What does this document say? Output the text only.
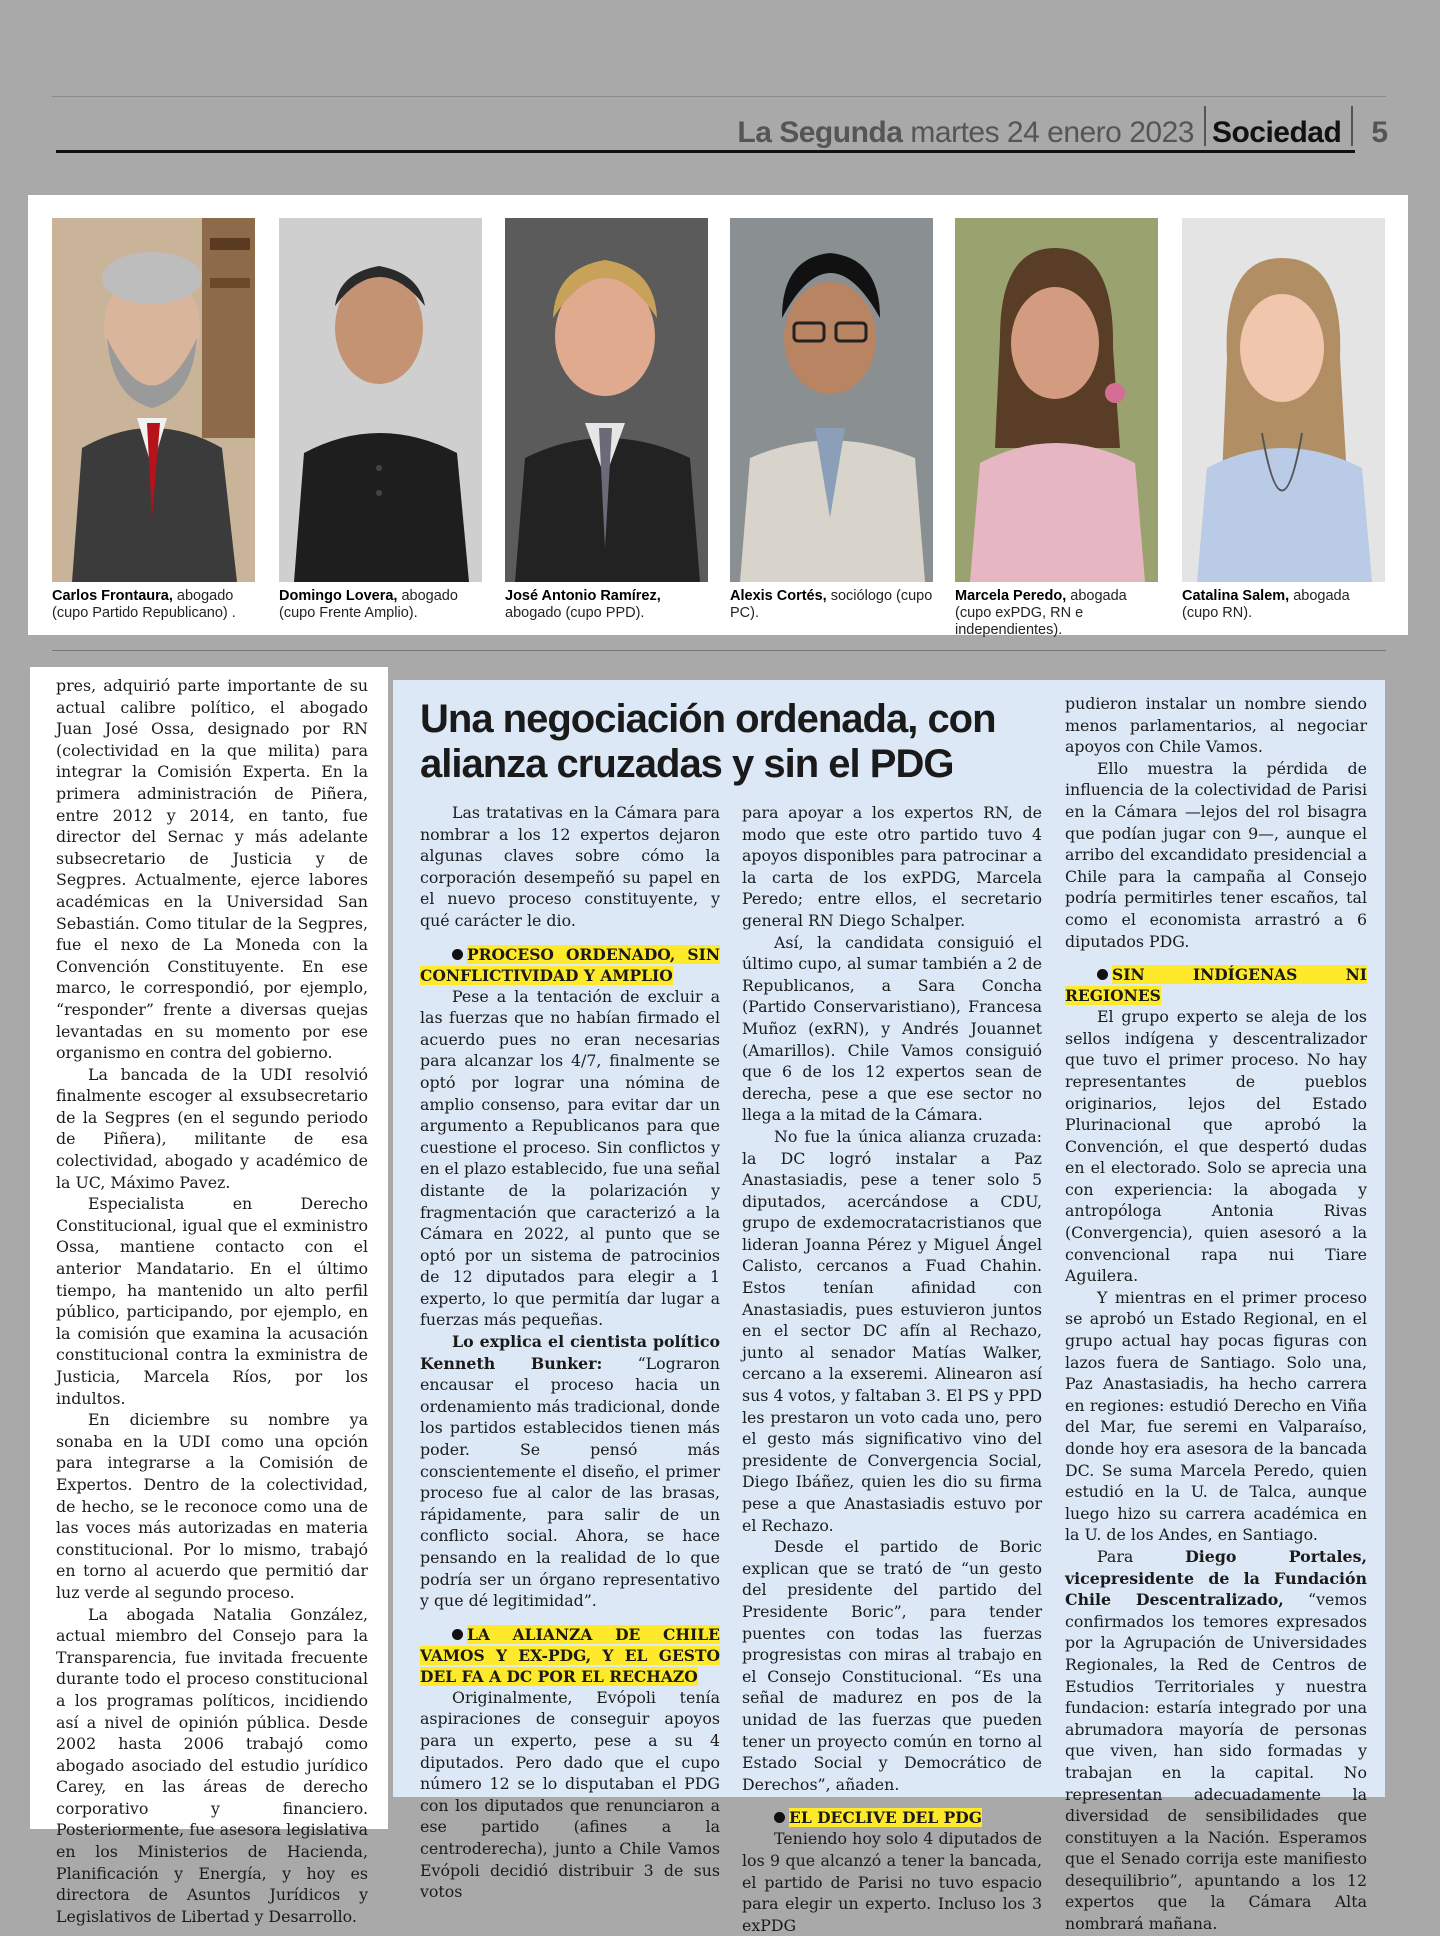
La Segunda martes 24 enero 2023 Sociedad 5
Carlos Frontaura, abogado (cupo Partido Republicano) .
Domingo Lovera, abogado (cupo Frente Amplio).
José Antonio Ramírez, abogado (cupo PPD).
Alexis Cortés, sociólogo (cupo PC).
Marcela Peredo, abogada (cupo exPDG, RN e independientes).
Catalina Salem, abogada (cupo RN).

pres, adquirió parte importante de su actual calibre político, el abogado Juan José Ossa, designado por RN (colectividad en la que milita) para integrar la Comisión Experta. En la primera administración de Piñera, entre 2012 y 2014, en tanto, fue director del Sernac y más adelante subsecretario de Justicia y de Segpres. Actualmente, ejerce labores académicas en la Universidad San Sebastián. Como titular de la Segpres, fue el nexo de La Moneda con la Convención Constituyente. En ese marco, le correspondió, por ejemplo, “responder” frente a diversas quejas levantadas en su momento por ese organismo en contra del gobierno.

La bancada de la UDI resolvió finalmente escoger al exsubsecretario de la Segpres (en el segundo periodo de Piñera), militante de esa colectividad, abogado y académico de la UC, Máximo Pavez.

Especialista en Derecho Constitucional, igual que el exministro Ossa, mantiene contacto con el anterior Mandatario. En el último tiempo, ha mantenido un alto perfil público, participando, por ejemplo, en la comisión que examina la acusación constitucional contra la exministra de Justicia, Marcela Ríos, por los indultos.

En diciembre su nombre ya sonaba en la UDI como una opción para integrarse a la Comisión de Expertos. Dentro de la colectividad, de hecho, se le reconoce como una de las voces más autorizadas en materia constitucional. Por lo mismo, trabajó en torno al acuerdo que permitió dar luz verde al segundo proceso.

La abogada Natalia González, actual miembro del Consejo para la Transparencia, fue invitada frecuente durante todo el proceso constitucional a los programas políticos, incidiendo así a nivel de opinión pública. Desde 2002 hasta 2006 trabajó como abogado asociado del estudio jurídico Carey, en las áreas de derecho corporativo y financiero. Posteriormente, fue asesora legislativa en los Ministerios de Hacienda, Planificación y Energía, y hoy es directora de Asuntos Jurídicos y Legislativos de Libertad y Desarrollo.

Una negociación ordenada, con alianza cruzadas y sin el PDG

Las tratativas en la Cámara para nombrar a los 12 expertos dejaron algunas claves sobre cómo la corporación desempeñó su papel en el nuevo proceso constituyente, y qué carácter le dio.

PROCESO ORDENADO, SIN CONFLICTIVIDAD Y AMPLIO

Pese a la tentación de excluir a las fuerzas que no habían firmado el acuerdo pues no eran necesarias para alcanzar los 4/7, finalmente se optó por lograr una nómina de amplio consenso, para evitar dar un argumento a Republicanos para que cuestione el proceso. Sin conflictos y en el plazo establecido, fue una señal distante de la polarización y fragmentación que caracterizó a la Cámara en 2022, al punto que se optó por un sistema de patrocinios de 12 diputados para elegir a 1 experto, lo que permitía dar lugar a fuerzas más pequeñas.

Lo explica el cientista político Kenneth Bunker: “Lograron encausar el proceso hacia un ordenamiento más tradicional, donde los partidos establecidos tienen más poder. Se pensó más conscientemente el diseño, el primer proceso fue al calor de las brasas, rápidamente, para salir de un conflicto social. Ahora, se hace pensando en la realidad de lo que podría ser un órgano representativo y que dé legitimidad”.

LA ALIANZA DE CHILE VAMOS Y EX-PDG, Y EL GESTO DEL FA A DC POR EL RECHAZO

Originalmente, Evópoli tenía aspiraciones de conseguir apoyos para un experto, pese a su 4 diputados. Pero dado que el cupo número 12 se lo disputaban el PDG con los diputados que renunciaron a ese partido (afines a la centroderecha), junto a Chile Vamos Evópoli decidió distribuir 3 de sus votos

para apoyar a los expertos RN, de modo que este otro partido tuvo 4 apoyos disponibles para patrocinar a la carta de los exPDG, Marcela Peredo; entre ellos, el secretario general RN Diego Schalper.

Así, la candidata consiguió el último cupo, al sumar también a 2 de Republicanos, a Sara Concha (Partido Conservaristiano), Francesa Muñoz (exRN), y Andrés Jouannet (Amarillos). Chile Vamos consiguió que 6 de los 12 expertos sean de derecha, pese a que ese sector no llega a la mitad de la Cámara.

No fue la única alianza cruzada: la DC logró instalar a Paz Anastasiadis, pese a tener solo 5 diputados, acercándose a CDU, grupo de exdemocratacristianos que lideran Joanna Pérez y Miguel Ángel Calisto, cercanos a Fuad Chahin. Estos tenían afinidad con Anastasiadis, pues estuvieron juntos en el sector DC afín al Rechazo, junto al senador Matías Walker, cercano a la exseremi. Alinearon así sus 4 votos, y faltaban 3. El PS y PPD les prestaron un voto cada uno, pero el gesto más significativo vino del presidente de Convergencia Social, Diego Ibáñez, quien les dio su firma pese a que Anastasiadis estuvo por el Rechazo.

Desde el partido de Boric explican que se trató de “un gesto del presidente del partido del Presidente Boric”, para tender puentes con todas las fuerzas progresistas con miras al trabajo en el Consejo Constitucional. “Es una señal de madurez en pos de la unidad de las fuerzas que pueden tener un proyecto común en torno al Estado Social y Democrático de Derechos”, añaden.

EL DECLIVE DEL PDG

Teniendo hoy solo 4 diputados de los 9 que alcanzó a tener la bancada, el partido de Parisi no tuvo espacio para elegir un experto. Incluso los 3 exPDG

pudieron instalar un nombre siendo menos parlamentarios, al negociar apoyos con Chile Vamos.

Ello muestra la pérdida de influencia de la colectividad de Parisi en la Cámara —lejos del rol bisagra que podían jugar con 9—, aunque el arribo del excandidato presidencial a Chile para la campaña al Consejo podría permitirles tener escaños, tal como el economista arrastró a 6 diputados PDG.

SIN INDÍGENAS NI REGIONES

El grupo experto se aleja de los sellos indígena y descentralizador que tuvo el primer proceso. No hay representantes de pueblos originarios, lejos del Estado Plurinacional que aprobó la Convención, el que despertó dudas en el electorado. Solo se aprecia una con experiencia: la abogada y antropóloga Antonia Rivas (Convergencia), quien asesoró a la convencional rapa nui Tiare Aguilera.

Y mientras en el primer proceso se aprobó un Estado Regional, en el grupo actual hay pocas figuras con lazos fuera de Santiago. Solo una, Paz Anastasiadis, ha hecho carrera en regiones: estudió Derecho en Viña del Mar, fue seremi en Valparaíso, donde hoy era asesora de la bancada DC. Se suma Marcela Peredo, quien estudió en la U. de Talca, aunque luego hizo su carrera académica en la U. de los Andes, en Santiago.

Para Diego Portales, vicepresidente de la Fundación Chile Descentralizado, “vemos confirmados los temores expresados por la Agrupación de Universidades Regionales, la Red de Centros de Estudios Territoriales y nuestra fundacion: estaría integrado por una abrumadora mayoría de personas que viven, han sido formadas y trabajan en la capital. No representan adecuadamente la diversidad de sensibilidades que constituyen a la Nación. Esperamos que el Senado corrija este manifiesto desequilibrio”, apuntando a los 12 expertos que la Cámara Alta nombrará mañana.
